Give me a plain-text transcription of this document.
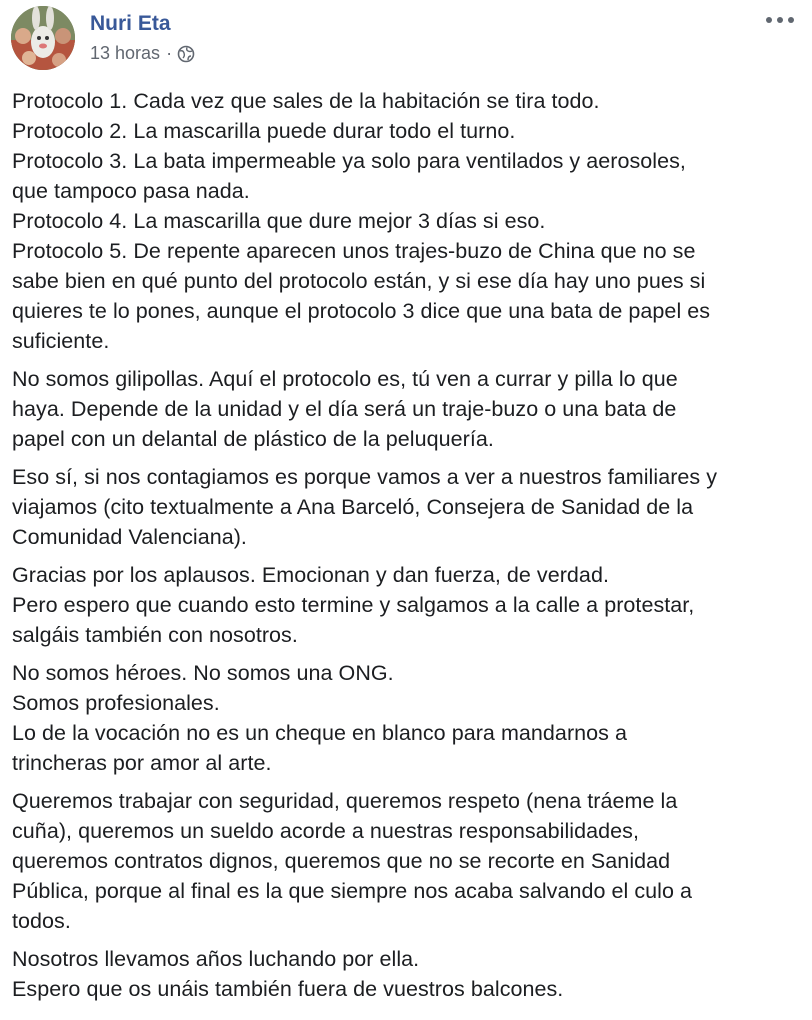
Nuri Eta
13 horas ·

Protocolo 1. Cada vez que sales de la habitación se tira todo.
Protocolo 2. La mascarilla puede durar todo el turno.
Protocolo 3. La bata impermeable ya solo para ventilados y aerosoles,
que tampoco pasa nada.
Protocolo 4. La mascarilla que dure mejor 3 días si eso.
Protocolo 5. De repente aparecen unos trajes-buzo de China que no se
sabe bien en qué punto del protocolo están, y si ese día hay uno pues si
quieres te lo pones, aunque el protocolo 3 dice que una bata de papel es
suficiente.

No somos gilipollas. Aquí el protocolo es, tú ven a currar y pilla lo que
haya. Depende de la unidad y el día será un traje-buzo o una bata de
papel con un delantal de plástico de la peluquería.

Eso sí, si nos contagiamos es porque vamos a ver a nuestros familiares y
viajamos (cito textualmente a Ana Barceló, Consejera de Sanidad de la
Comunidad Valenciana).

Gracias por los aplausos. Emocionan y dan fuerza, de verdad.
Pero espero que cuando esto termine y salgamos a la calle a protestar,
salgáis también con nosotros.

No somos héroes. No somos una ONG.
Somos profesionales.
Lo de la vocación no es un cheque en blanco para mandarnos a
trincheras por amor al arte.

Queremos trabajar con seguridad, queremos respeto (nena tráeme la
cuña), queremos un sueldo acorde a nuestras responsabilidades,
queremos contratos dignos, queremos que no se recorte en Sanidad
Pública, porque al final es la que siempre nos acaba salvando el culo a
todos.

Nosotros llevamos años luchando por ella.
Espero que os unáis también fuera de vuestros balcones.
